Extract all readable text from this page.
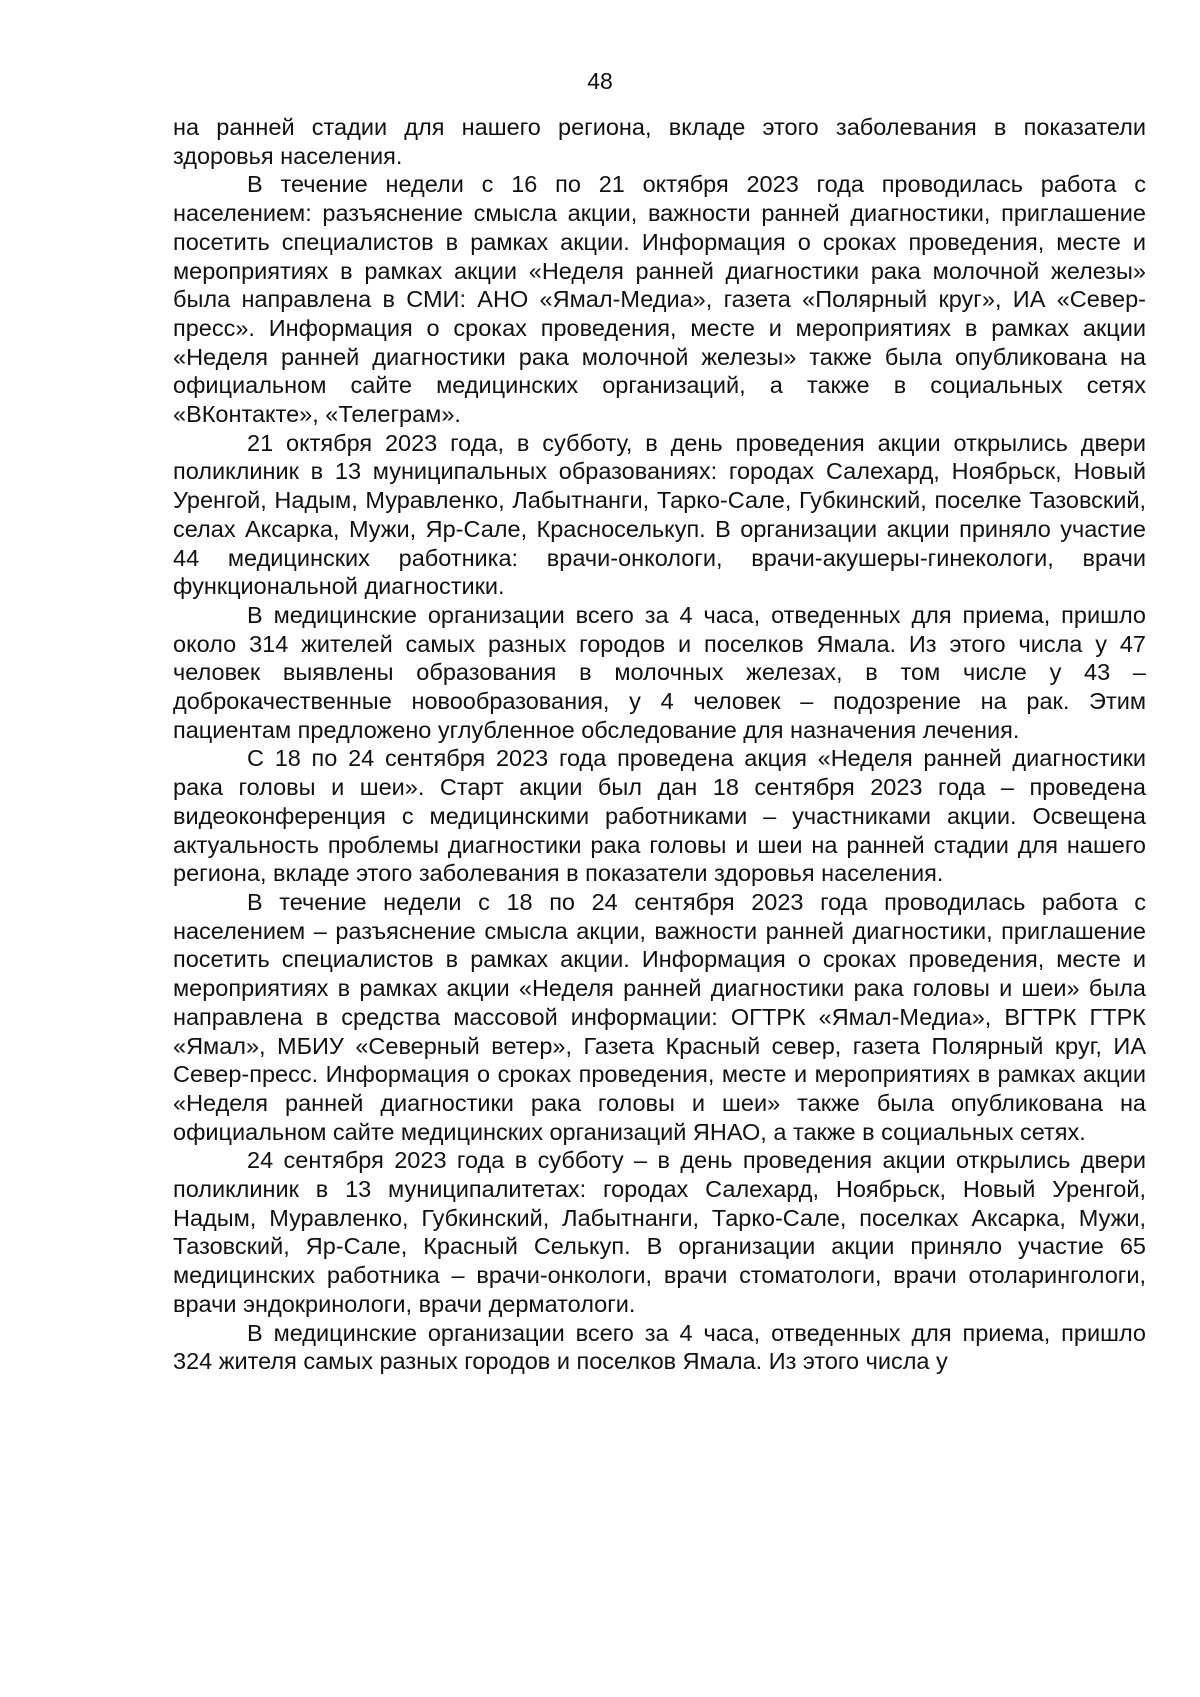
48

на ранней стадии для нашего региона, вкладе этого заболевания в показатели здоровья населения.

В течение недели с 16 по 21 октября 2023 года проводилась работа с населением: разъяснение смысла акции, важности ранней диагностики, приглашение посетить специалистов в рамках акции. Информация о сроках проведения, месте и мероприятиях в рамках акции «Неделя ранней диагностики рака молочной железы» была направлена в СМИ: АНО «Ямал-Медиа», газета «Полярный круг», ИА «Север-пресс». Информация о сроках проведения, месте и мероприятиях в рамках акции «Неделя ранней диагностики рака молочной железы» также была опубликована на официальном сайте медицинских организаций, а также в социальных сетях «ВКонтакте», «Телеграм».

21 октября 2023 года, в субботу, в день проведения акции открылись двери поликлиник в 13 муниципальных образованиях: городах Салехард, Ноябрьск, Новый Уренгой, Надым, Муравленко, Лабытнанги, Тарко-Сале, Губкинский, поселке Тазовский, селах Аксарка, Мужи, Яр-Сале, Красноселькуп. В организации акции приняло участие 44 медицинских работника: врачи-онкологи, врачи-акушеры-гинекологи, врачи функциональной диагностики.

В медицинские организации всего за 4 часа, отведенных для приема, пришло около 314 жителей самых разных городов и поселков Ямала. Из этого числа у 47 человек выявлены образования в молочных железах, в том числе у 43 – доброкачественные новообразования, у 4 человек – подозрение на рак. Этим пациентам предложено углубленное обследование для назначения лечения.

С 18 по 24 сентября 2023 года проведена акция «Неделя ранней диагностики рака головы и шеи». Старт акции был дан 18 сентября 2023 года – проведена видеоконференция с медицинскими работниками – участниками акции. Освещена актуальность проблемы диагностики рака головы и шеи на ранней стадии для нашего региона, вкладе этого заболевания в показатели здоровья населения.

В течение недели с 18 по 24 сентября 2023 года проводилась работа с населением – разъяснение смысла акции, важности ранней диагностики, приглашение посетить специалистов в рамках акции. Информация о сроках проведения, месте и мероприятиях в рамках акции «Неделя ранней диагностики рака головы и шеи» была направлена в средства массовой информации: ОГТРК «Ямал-Медиа», ВГТРК ГТРК «Ямал», МБИУ «Северный ветер», Газета Красный север, газета Полярный круг, ИА Север-пресс. Информация о сроках проведения, месте и мероприятиях в рамках акции «Неделя ранней диагностики рака головы и шеи» также была опубликована на официальном сайте медицинских организаций ЯНАО, а также в социальных сетях.

24 сентября 2023 года в субботу – в день проведения акции открылись двери поликлиник в 13 муниципалитетах: городах Салехард, Ноябрьск, Новый Уренгой, Надым, Муравленко, Губкинский, Лабытнанги, Тарко-Сале, поселках Аксарка, Мужи, Тазовский, Яр-Сале, Красный Селькуп. В организации акции приняло участие 65 медицинских работника – врачи-онкологи, врачи стоматологи, врачи отоларингологи, врачи эндокринологи, врачи дерматологи.

В медицинские организации всего за 4 часа, отведенных для приема, пришло 324 жителя самых разных городов и поселков Ямала. Из этого числа у
